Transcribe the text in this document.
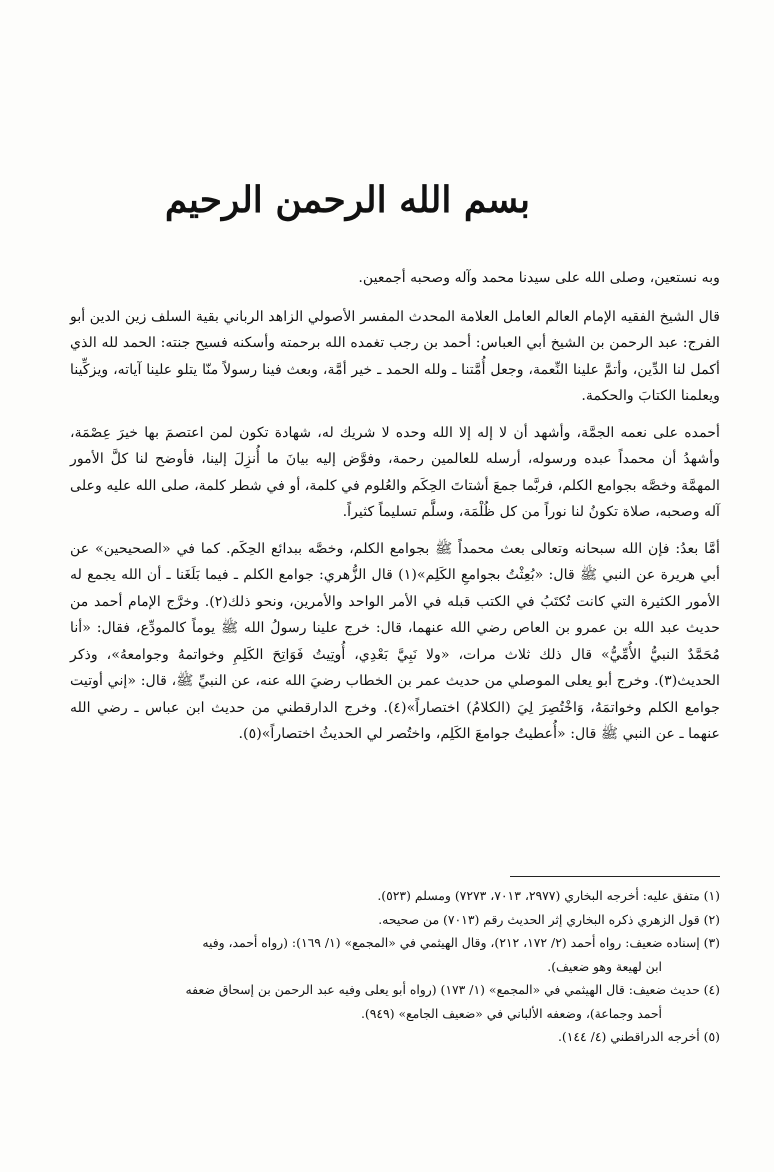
بسم الله الرحمن الرحيم

وبه نستعين، وصلى الله على سيدنا محمد وآله وصحبه أجمعين.

قال الشيخ الفقيه الإمام العالم العامل العلامة المحدث المفسر الأصولي الزاهد الرباني بقية السلف زين الدين أبو الفرج: عبد الرحمن بن الشيخ أبي العباس: أحمد بن رجب تغمده الله برحمته وأسكنه فسيح جنته: الحمد لله الذي أكمل لنا الدِّين، وأتمَّ علينا النِّعمة، وجعل أُمَّتنا ـ ولله الحمد ـ خير أمَّة، وبعث فينا رسولاً منّا يتلو علينا آياته، ويزكِّينا ويعلمنا الكتابَ والحكمة.

أحمده على نعمه الجمَّة، وأشهد أن لا إله إلا الله وحده لا شريك له، شهادة تكون لمن اعتصمَ بها خيرَ عِصْمَة، وأشهدُ أن محمداً عبده ورسوله، أرسله للعالمين رحمة، وفوَّض إليه بيانَ ما أُنزِلَ إلينا، فأوضح لنا كلَّ الأمور المهمَّة وخصَّه بجوامع الكلم، فربَّما جمعَ أشتاتَ الحِكَم والعُلوم في كلمة، أو في شطر كلمة، صلى الله عليه وعلى آله وصحبه، صلاة تكونُ لنا نوراً من كل ظُلْمَة، وسلَّم تسليماً كثيراً.

أمَّا بعدُ: فإن الله سبحانه وتعالى بعث محمداً ﷺ بجوامع الكلم، وخصَّه ببدائع الحِكَم. كما في «الصحيحين» عن أبي هريرة عن النبي ﷺ قال: «بُعِثْتُ بجوامعِ الكَلِم»(١) قال الزُّهري: جوامع الكلم ـ فيما بَلَغَنا ـ أن الله يجمع له الأمور الكثيرة التي كانت تُكتَبُ في الكتب قبله في الأمر الواحد والأمرين، ونحو ذلك(٢). وخرَّج الإمام أحمد من حديث عبد الله بن عمرو بن العاص رضي الله عنهما، قال: خرج علينا رسولُ الله ﷺ يوماً كالمودِّع، فقال: «أنا مُحَمَّدٌ النبيُّ الأُمِّيُّ» قال ذلك ثلاث مرات، «ولا نَبِيَّ بَعْدِي، أُوتِيتُ فَوَاتِحَ الكَلِمِ وخواتمهُ وجوامعهُ»، وذكر الحديث(٣). وخرج أبو يعلى الموصلي من حديث عمر بن الخطاب رضيَ الله عنه، عن النبيِّ ﷺ، قال: «إني أوتيت جوامع الكلم وخواتمَهُ، وَاخْتُصِرَ لِيَ (الكلامُ) اختصاراً»(٤). وخرج الدارقطني من حديث ابن عباس ـ رضي الله عنهما ـ عن النبي ﷺ قال: «أُعطيتُ جوامعَ الكَلِم، واختُصر لي الحديثُ اختصاراً»(٥).

(١) متفق عليه: أخرجه البخاري (٢٩٧٧، ٧٠١٣، ٧٢٧٣) ومسلم (٥٢٣).

(٢) قول الزهري ذكره البخاري إثر الحديث رقم (٧٠١٣) من صحيحه.

(٣) إسناده ضعيف: رواه أحمد (٢/ ١٧٢، ٢١٢)، وقال الهيثمي في «المجمع» (١/ ١٦٩): (رواه أحمد، وفيه

ابن لهيعة وهو ضعيف).

(٤) حديث ضعيف: قال الهيثمي في «المجمع» (١/ ١٧٣) (رواه أبو يعلى وفيه عبد الرحمن بن إسحاق ضعفه

أحمد وجماعة)، وضعفه الألباني في «ضعيف الجامع» (٩٤٩).

(٥) أخرجه الدراقطني (٤/ ١٤٤).
